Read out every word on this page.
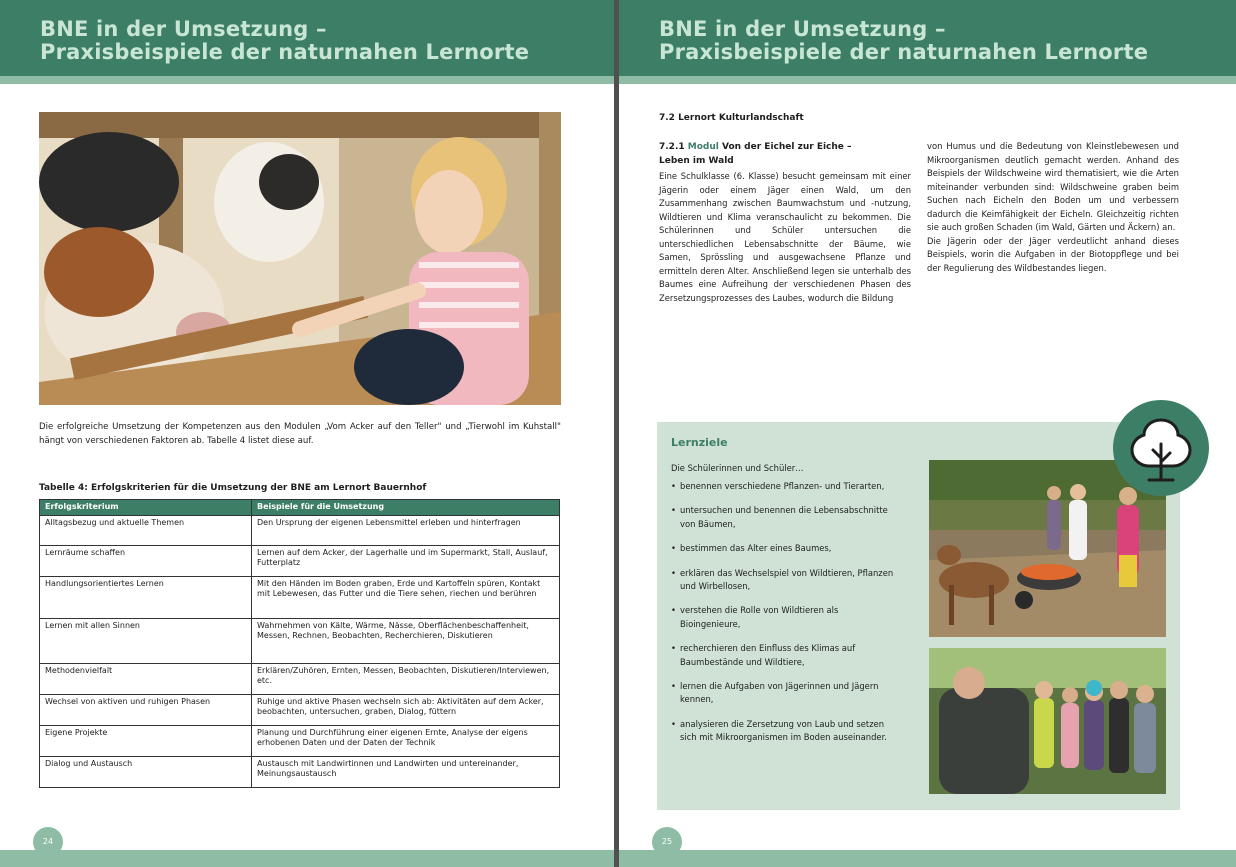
BNE in der Umsetzung –
Praxisbeispiele der naturnahen Lernorte

Die erfolgreiche Umsetzung der Kompetenzen aus den Modulen „Vom Acker auf den Teller" und „Tierwohl im Kuhstall" hängt von verschiedenen Faktoren ab. Tabelle 4 listet diese auf.

Tabelle 4: Erfolgskriterien für die Umsetzung der BNE am Lernort Bauernhof
Erfolgskriterium	Beispiele für die Umsetzung
Alltagsbezug und aktuelle Themen	Den Ursprung der eigenen Lebensmittel erleben und hinterfragen
Lernräume schaffen	Lernen auf dem Acker, der Lagerhalle und im Supermarkt, Stall, Auslauf, Futterplatz
Handlungsorientiertes Lernen	Mit den Händen im Boden graben, Erde und Kartoffeln spüren, Kontakt mit Lebewesen, das Futter und die Tiere sehen, riechen und berühren
Lernen mit allen Sinnen	Wahrnehmen von Kälte, Wärme, Nässe, Oberflächenbeschaffenheit, Messen, Rechnen, Beobachten, Recherchieren, Diskutieren
Methodenvielfalt	Erklären/Zuhören, Ernten, Messen, Beobachten, Diskutieren/Interviewen, etc.
Wechsel von aktiven und ruhigen Phasen	Ruhige und aktive Phasen wechseln sich ab: Aktivitäten auf dem Acker, beobachten, untersuchen, graben, Dialog, füttern
Eigene Projekte	Planung und Durchführung einer eigenen Ernte, Analyse der eigens erhobenen Daten und der Daten der Technik
Dialog und Austausch	Austausch mit Landwirtinnen und Landwirten und untereinander, Meinungsaustausch
24
BNE in der Umsetzung –
Praxisbeispiele der naturnahen Lernorte
7.2 Lernort Kulturlandschaft
7.2.1 Modul Von der Eichel zur Eiche –
Leben im Wald

Eine Schulklasse (6. Klasse) besucht gemeinsam mit einer Jägerin oder einem Jäger einen Wald, um den Zusammenhang zwischen Baumwachstum und -nutzung, Wildtieren und Klima veranschaulicht zu bekommen. Die Schülerinnen und Schüler untersuchen die unterschiedlichen Lebensabschnitte der Bäume, wie Samen, Sprössling und ausgewachsene Pflanze und ermitteln deren Alter. Anschließend legen sie unterhalb des Baumes eine Aufreihung der verschiedenen Phasen des Zersetzungsprozesses des Laubes, wodurch die Bildung

von Humus und die Bedeutung von Kleinstlebewesen und Mikroorganismen deutlich gemacht werden. Anhand des Beispiels der Wildschweine wird thematisiert, wie die Arten miteinander verbunden sind: Wildschweine graben beim Suchen nach Eicheln den Boden um und verbessern dadurch die Keimfähigkeit der Eicheln. Gleichzeitig richten sie auch großen Schaden (im Wald, Gärten und Äckern) an.

Die Jägerin oder der Jäger verdeutlicht anhand dieses Beispiels, worin die Aufgaben in der Biotoppflege und bei der Regulierung des Wildbestandes liegen.

Lernziele
Die Schülerinnen und Schüler…
• benennen verschiedene Pflanzen- und Tierarten,
• untersuchen und benennen die Lebensabschnitte von Bäumen,
• bestimmen das Alter eines Baumes,
• erklären das Wechselspiel von Wildtieren, Pflanzen und Wirbellosen,
• verstehen die Rolle von Wildtieren als Bioingenieure,
• recherchieren den Einfluss des Klimas auf Baumbestände und Wildtiere,
• lernen die Aufgaben von Jägerinnen und Jägern kennen,
• analysieren die Zersetzung von Laub und setzen sich mit Mikroorganismen im Boden auseinander.
25
